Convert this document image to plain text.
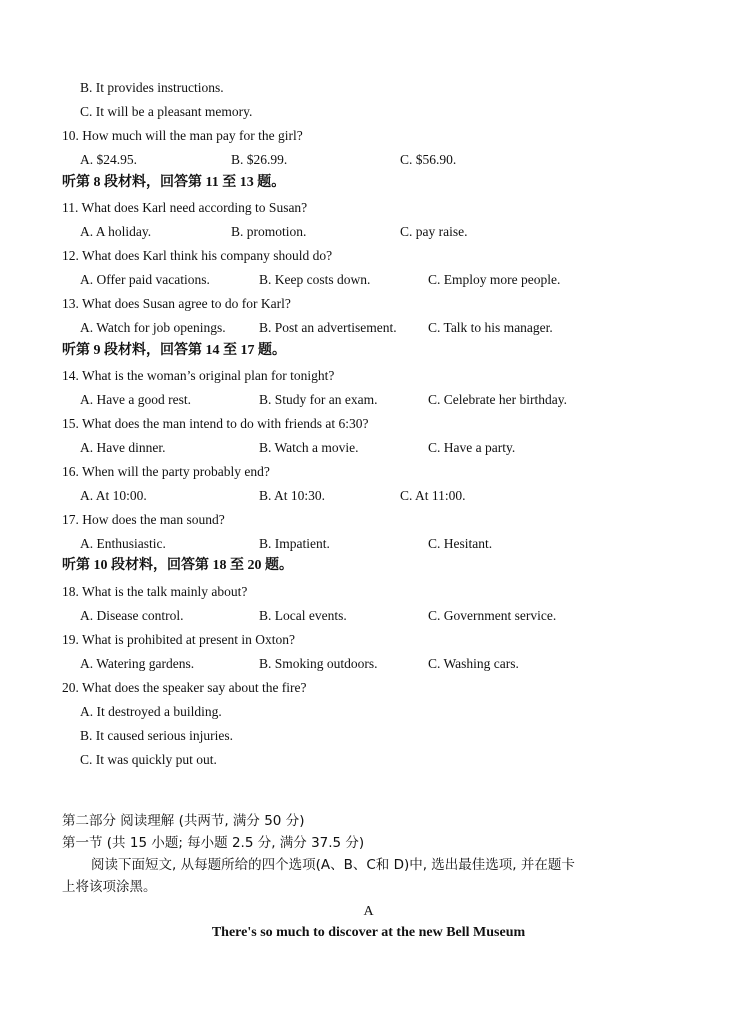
B. It provides instructions.
C. It will be a pleasant memory.
10. How much will the man pay for the girl?
A. $24.95.	B. $26.99.	C. $56.90.
听第 8 段材料，回答第 11 至 13 题。
11. What does Karl need according to Susan?
A. A holiday.	B. promotion.	C. pay raise.
12. What does Karl think his company should do?
A. Offer paid vacations.	B. Keep costs down.	C. Employ more people.
13. What does Susan agree to do for Karl?
A. Watch for job openings. B. Post an advertisement. C. Talk to his manager.
听第 9 段材料，回答第 14 至 17 题。
14. What is the woman’s original plan for tonight?
A. Have a good rest.	B. Study for an exam.	C. Celebrate her birthday.
15. What does the man intend to do with friends at 6:30?
A. Have dinner.	B. Watch a movie.	C. Have a party.
16. When will the party probably end?
A. At 10:00.	B. At 10:30.	C. At 11:00.
17. How does the man sound?
A. Enthusiastic.	B. Impatient.	C. Hesitant.
听第 10 段材料，回答第 18 至 20 题。
18. What is the talk mainly about?
A. Disease control.	B. Local events.	C. Government service.
19. What is prohibited at present in Oxton?
A. Watering gardens.	B. Smoking outdoors.	C. Washing cars.
20. What does the speaker say about the fire?
A. It destroyed a building.
B. It caused serious injuries.
C. It was quickly put out.
第二部分 阅读理解 (共两节, 满分 50 分)
第一节 (共 15 小题; 每小题 2.5 分, 满分 37.5 分)
阅读下面短文, 从每题所给的四个选项(A、B、C和 D)中, 选出最佳选项, 并在题卡
上将该项涂黑。
A
There's so much to discover at the new Bell Museum
